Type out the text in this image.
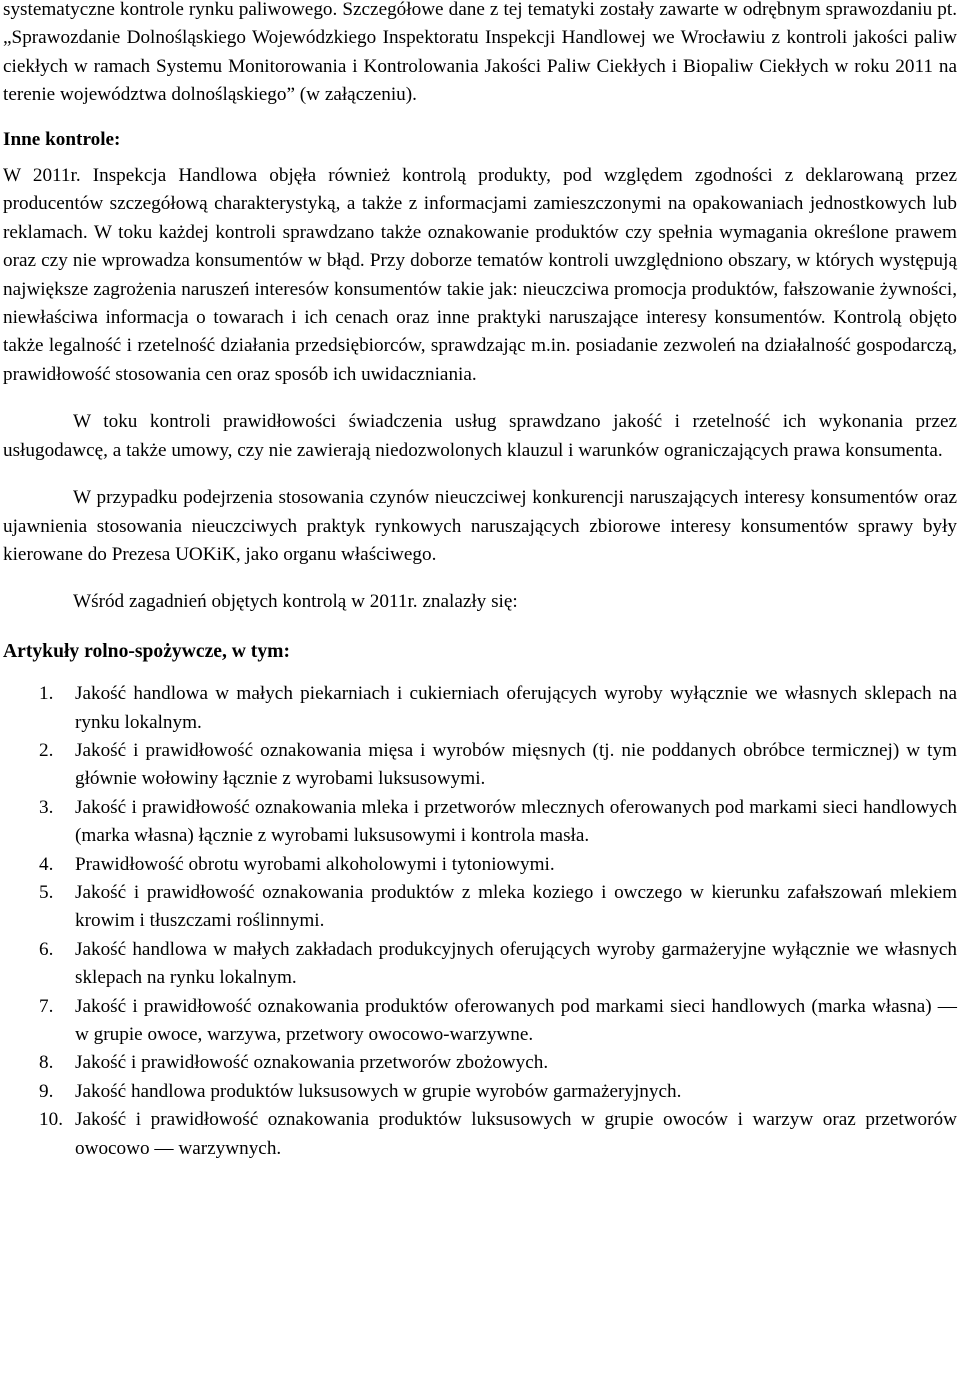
systematyczne kontrole rynku paliwowego. Szczegółowe dane z tej tematyki zostały zawarte w odrębnym sprawozdaniu pt. „Sprawozdanie Dolnośląskiego Wojewódzkiego Inspektoratu Inspekcji Handlowej we Wrocławiu z kontroli jakości paliw ciekłych w ramach Systemu Monitorowania i Kontrolowania Jakości Paliw Ciekłych i Biopaliw Ciekłych w roku 2011 na terenie województwa dolnośląskiego” (w załączeniu).

Inne kontrole:

W 2011r. Inspekcja Handlowa objęła również kontrolą produkty, pod względem zgodności z deklarowaną przez producentów szczegółową charakterystyką, a także z informacjami zamieszczonymi na opakowaniach jednostkowych lub reklamach. W toku każdej kontroli sprawdzano także oznakowanie produktów czy spełnia wymagania określone prawem oraz czy nie wprowadza konsumentów w błąd. Przy doborze tematów kontroli uwzględniono obszary, w których występują największe zagrożenia naruszeń interesów konsumentów takie jak: nieuczciwa promocja produktów, fałszowanie żywności, niewłaściwa informacja o towarach i ich cenach oraz inne praktyki naruszające interesy konsumentów. Kontrolą objęto także legalność i rzetelność działania przedsiębiorców, sprawdzając m.in. posiadanie zezwoleń na działalność gospodarczą, prawidłowość stosowania cen oraz sposób ich uwidaczniania.

W toku kontroli prawidłowości świadczenia usług sprawdzano jakość i rzetelność ich wykonania przez usługodawcę, a także umowy, czy nie zawierają niedozwolonych klauzul i warunków ograniczających prawa konsumenta.

W przypadku podejrzenia stosowania czynów nieuczciwej konkurencji naruszających interesy konsumentów oraz ujawnienia stosowania nieuczciwych praktyk rynkowych naruszających zbiorowe interesy konsumentów sprawy były kierowane do Prezesa UOKiK, jako organu właściwego.

Wśród zagadnień objętych kontrolą w 2011r. znalazły się:

Artykuły rolno-spożywcze, w tym:

1.	Jakość handlowa w małych piekarniach i cukierniach oferujących wyroby wyłącznie we własnych sklepach na rynku lokalnym.
2.	Jakość i prawidłowość oznakowania mięsa i wyrobów mięsnych (tj. nie poddanych obróbce termicznej) w tym głównie wołowiny łącznie z wyrobami luksusowymi.
3.	Jakość i prawidłowość oznakowania mleka i przetworów mlecznych oferowanych pod markami sieci handlowych (marka własna) łącznie z wyrobami luksusowymi i kontrola masła.
4.	Prawidłowość obrotu wyrobami alkoholowymi i tytoniowymi.
5.	Jakość i prawidłowość oznakowania produktów z mleka koziego i owczego w kierunku zafałszowań mlekiem krowim i tłuszczami roślinnymi.
6.	Jakość handlowa w małych zakładach produkcyjnych oferujących wyroby garmażeryjne wyłącznie we własnych sklepach na rynku lokalnym.
7.	Jakość i prawidłowość oznakowania produktów oferowanych pod markami sieci handlowych (marka własna) — w grupie owoce, warzywa, przetwory owocowo-warzywne.
8.	Jakość i prawidłowość oznakowania przetworów zbożowych.
9.	Jakość handlowa produktów luksusowych w grupie wyrobów garmażeryjnych.
10. Jakość i prawidłowość oznakowania produktów luksusowych w grupie owoców i warzyw oraz przetworów owocowo — warzywnych.
